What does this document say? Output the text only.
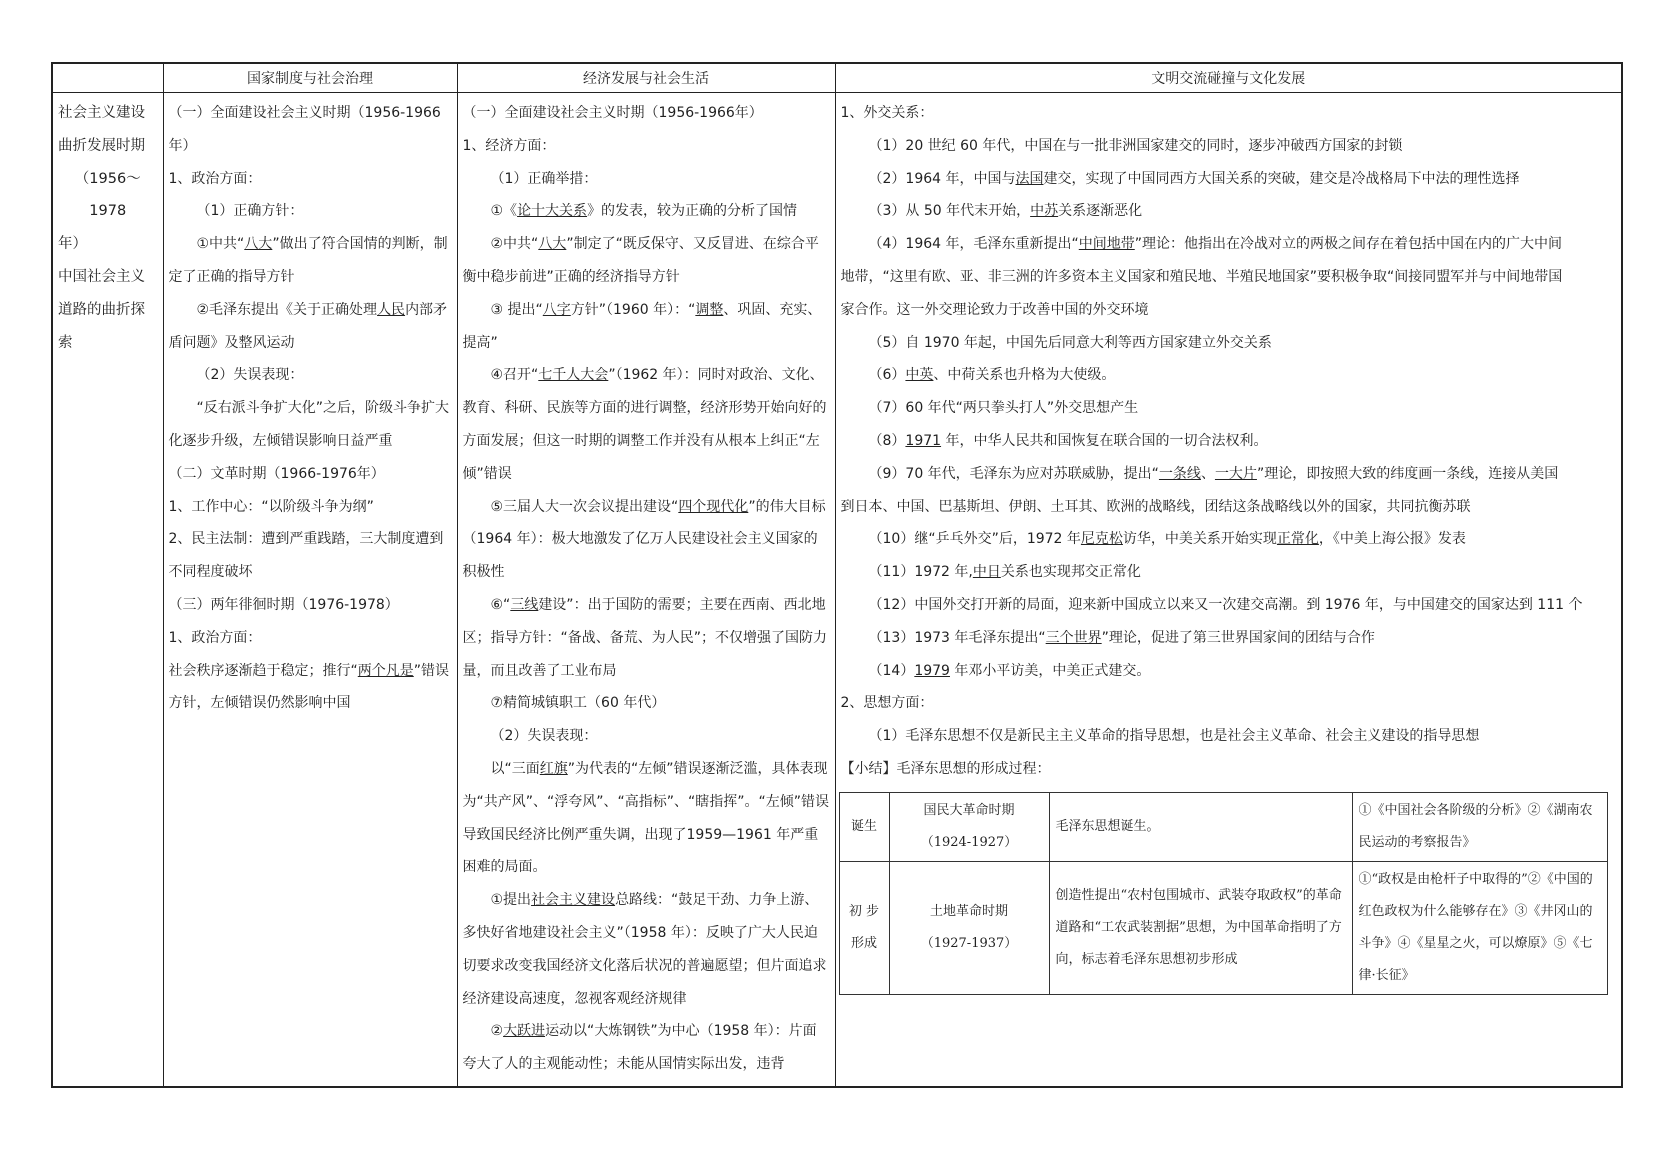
	国家制度与社会治理	经济发展与社会生活	文明交流碰撞与文化发展

社会主义建设
曲折发展时期
（1956～1978
年）
中国社会主义
道路的曲折探
索

（一）全面建设社会主义时期（1956-1966
年）
1、政治方面：
（1）正确方针：
①中共“八大”做出了符合国情的判断，制定了正确的指导方针
②毛泽东提出《关于正确处理人民内部矛盾问题》及整风运动
（2）失误表现：
“反右派斗争扩大化”之后，阶级斗争扩大化逐步升级，左倾错误影响日益严重
（二）文革时期（1966-1976年）
1、工作中心：“以阶级斗争为纲”
2、民主法制：遭到严重践踏，三大制度遭到不同程度破坏
（三）两年徘徊时期（1976-1978）
1、政治方面：
社会秩序逐渐趋于稳定；推行“两个凡是”错误方针，左倾错误仍然影响中国

（一）全面建设社会主义时期（1956-1966年）
1、经济方面：
（1）正确举措：
①《论十大关系》的发表，较为正确的分析了国情
②中共“八大”制定了“既反保守、又反冒进、在综合平衡中稳步前进”正确的经济指导方针
③ 提出“八字方针”（1960 年）：“调整、巩固、充实、提高”
④召开“七千人大会”（1962 年）：同时对政治、文化、教育、科研、民族等方面的进行调整，经济形势开始向好的方面发展；但这一时期的调整工作并没有从根本上纠正“左倾”错误
⑤三届人大一次会议提出建设“四个现代化”的伟大目标（1964 年）：极大地激发了亿万人民建设社会主义国家的积极性
⑥“三线建设”：出于国防的需要；主要在西南、西北地区；指导方针：“备战、备荒、为人民”；不仅增强了国防力量，而且改善了工业布局
⑦精简城镇职工（60 年代）
（2）失误表现：
以“三面红旗”为代表的“左倾”错误逐渐泛滥，具体表现为“共产风”、“浮夸风”、“高指标”、“瞎指挥”。“左倾”错误导致国民经济比例严重失调，出现了1959—1961 年严重困难的局面。
①提出社会主义建设总路线：“鼓足干劲、力争上游、多快好省地建设社会主义”（1958 年）：反映了广大人民迫切要求改变我国经济文化落后状况的普遍愿望；但片面追求经济建设高速度，忽视客观经济规律
②大跃进运动以“大炼钢铁”为中心（1958 年）：片面夸大了人的主观能动性；未能从国情实际出发，违背

1、外交关系：
（1）20 世纪 60 年代，中国在与一批非洲国家建交的同时，逐步冲破西方国家的封锁
（2）1964 年，中国与法国建交，实现了中国同西方大国关系的突破，建交是冷战格局下中法的理性选择
（3）从 50 年代末开始，中苏关系逐渐恶化
（4）1964 年，毛泽东重新提出“中间地带”理论：他指出在冷战对立的两极之间存在着包括中国在内的广大中间
地带，“这里有欧、亚、非三洲的许多资本主义国家和殖民地、半殖民地国家”要积极争取“间接同盟军并与中间地带国
家合作。这一外交理论致力于改善中国的外交环境
（5）自 1970 年起，中国先后同意大利等西方国家建立外交关系
（6）中英、中荷关系也升格为大使级。
（7）60 年代“两只拳头打人”外交思想产生
（8）1971 年，中华人民共和国恢复在联合国的一切合法权利。
（9）70 年代，毛泽东为应对苏联威胁，提出“一条线、一大片”理论，即按照大致的纬度画一条线，连接从美国
到日本、中国、巴基斯坦、伊朗、土耳其、欧洲的战略线，团结这条战略线以外的国家，共同抗衡苏联
（10）继“乒乓外交”后，1972 年尼克松访华，中美关系开始实现正常化，《中美上海公报》发表
（11）1972 年,中日关系也实现邦交正常化
（12）中国外交打开新的局面，迎来新中国成立以来又一次建交高潮。到 1976 年，与中国建交的国家达到 111 个
（13）1973 年毛泽东提出“三个世界”理论，促进了第三世界国家间的团结与合作
（14）1979 年邓小平访美，中美正式建交。
2、思想方面：
（1）毛泽东思想不仅是新民主主义革命的指导思想，也是社会主义革命、社会主义建设的指导思想
【小结】毛泽东思想的形成过程：
诞生	国民大革命时期
（1924-1927）	毛泽东思想诞生。	①《中国社会各阶级的分析》②《湖南农民运动的考察报告》
初 步形成	土地革命时期
（1927-1937）	创造性提出“农村包围城市、武装夺取政权”的革命道路和“工农武装割据”思想，为中国革命指明了方向，标志着毛泽东思想初步形成	①“政权是由枪杆子中取得的”②《中国的红色政权为什么能够存在》③《井冈山的斗争》④《星星之火，可以燎原》⑤《七律·长征》
